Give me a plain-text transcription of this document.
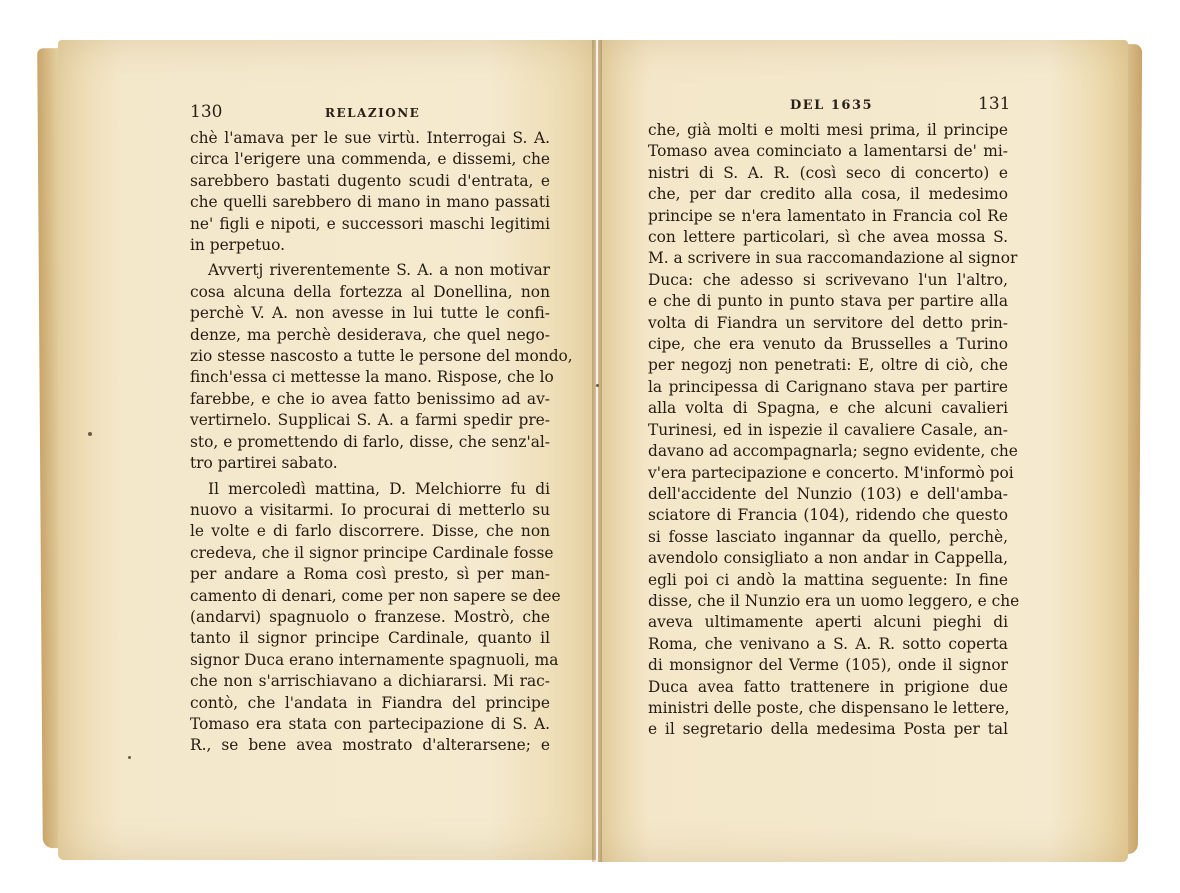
130	RELAZIONE	DEL 1635	131
chè l'amava per le sue virtù. Interrogai S. A.
circa l'erigere una commenda, e dissemi, che
sarebbero bastati dugento scudi d'entrata, e
che quelli sarebbero di mano in mano passati
ne' figli e nipoti, e successori maschi legitimi
in perpetuo.
Avvertj riverentemente S. A. a non motivar
cosa alcuna della fortezza al Donellina, non
perchè V. A. non avesse in lui tutte le confi-
denze, ma perchè desiderava, che quel nego-
zio stesse nascosto a tutte le persone del mondo,
finch'essa ci mettesse la mano. Rispose, che lo
farebbe, e che io avea fatto benissimo ad av-
vertirnelo. Supplicai S. A. a farmi spedir pre-
sto, e promettendo di farlo, disse, che senz'al-
tro partirei sabato.
Il mercoledì mattina, D. Melchiorre fu di
nuovo a visitarmi. Io procurai di metterlo su
le volte e di farlo discorrere. Disse, che non
credeva, che il signor principe Cardinale fosse
per andare a Roma così presto, sì per man-
camento di denari, come per non sapere se dee
(andarvi) spagnuolo o franzese. Mostrò, che
tanto il signor principe Cardinale, quanto il
signor Duca erano internamente spagnuoli, ma
che non s'arrischiavano a dichiararsi. Mi rac-
contò, che l'andata in Fiandra del principe
Tomaso era stata con partecipazione di S. A.
R., se bene avea mostrato d'alterarsene; e
che, già molti e molti mesi prima, il principe
Tomaso avea cominciato a lamentarsi de' mi-
nistri di S. A. R. (così seco di concerto) e
che, per dar credito alla cosa, il medesimo
principe se n'era lamentato in Francia col Re
con lettere particolari, sì che avea mossa S.
M. a scrivere in sua raccomandazione al signor
Duca: che adesso si scrivevano l'un l'altro,
e che di punto in punto stava per partire alla
volta di Fiandra un servitore del detto prin-
cipe, che era venuto da Brusselles a Turino
per negozj non penetrati: E, oltre di ciò, che
la principessa di Carignano stava per partire
alla volta di Spagna, e che alcuni cavalieri
Turinesi, ed in ispezie il cavaliere Casale, an-
davano ad accompagnarla; segno evidente, che
v'era partecipazione e concerto. M'informò poi
dell'accidente del Nunzio (103) e dell'amba-
sciatore di Francia (104), ridendo che questo
si fosse lasciato ingannar da quello, perchè,
avendolo consigliato a non andar in Cappella,
egli poi ci andò la mattina seguente: In fine
disse, che il Nunzio era un uomo leggero, e che
aveva ultimamente aperti alcuni pieghi di
Roma, che venivano a S. A. R. sotto coperta
di monsignor del Verme (105), onde il signor
Duca avea fatto trattenere in prigione due
ministri delle poste, che dispensano le lettere,
e il segretario della medesima Posta per tal
